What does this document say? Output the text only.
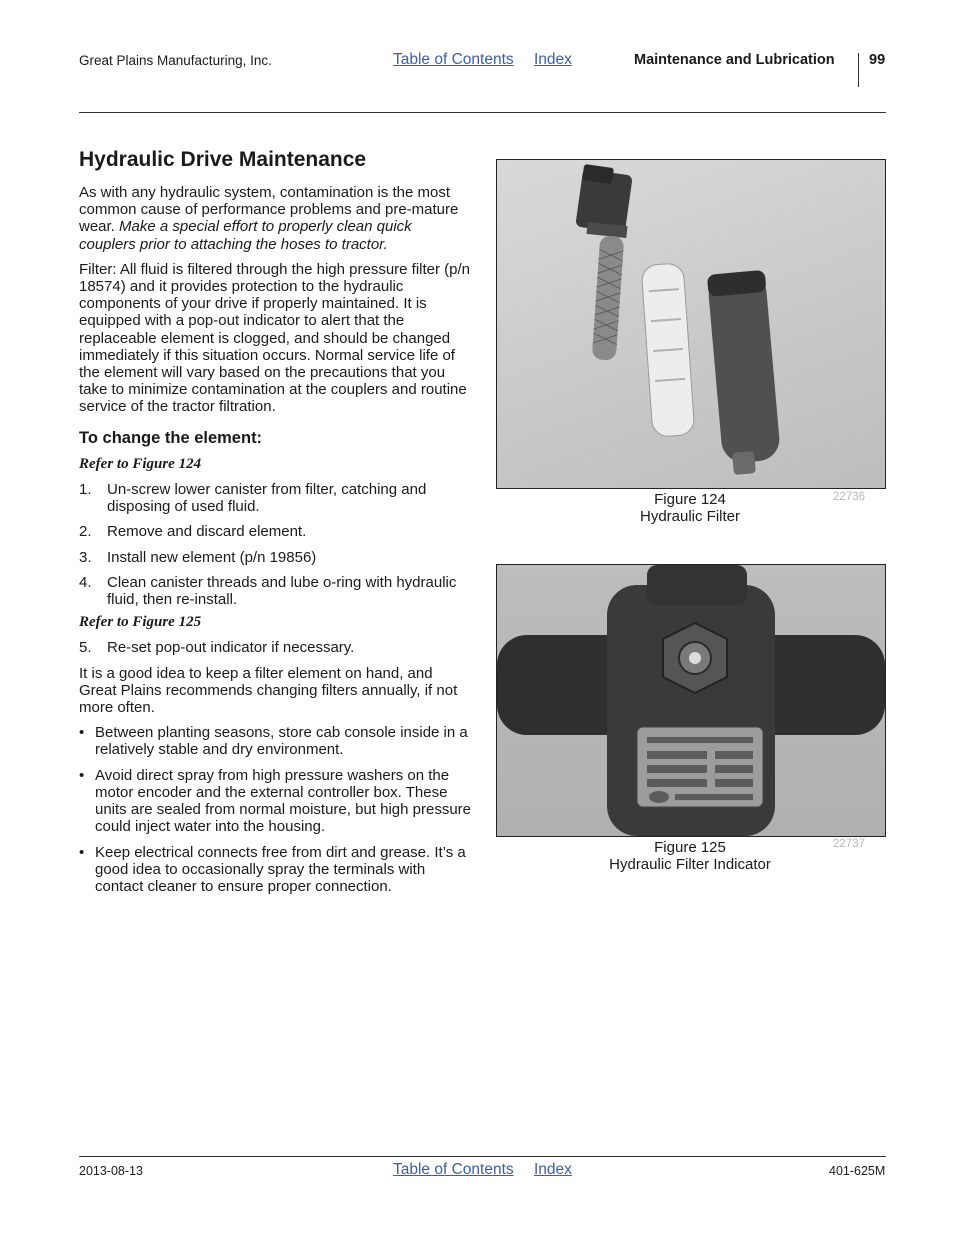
Great Plains Manufacturing, Inc.	Table of Contents Index	Maintenance and Lubrication 99
Hydraulic Drive Maintenance

As with any hydraulic system, contamination is the most common cause of performance problems and pre-mature wear. Make a special effort to properly clean quick couplers prior to attaching the hoses to tractor.

Filter: All fluid is filtered through the high pressure filter (p/n 18574) and it provides protection to the hydraulic components of your drive if properly maintained. It is equipped with a pop-out indicator to alert that the replaceable element is clogged, and should be changed immediately if this situation occurs. Normal service life of the element will vary based on the precautions that you take to minimize contamination at the couplers and routine service of the tractor filtration.

To change the element:

Refer to Figure 124

1. Un-screw lower canister from filter, catching and disposing of used fluid.
2. Remove and discard element.
3. Install new element (p/n 19856)
4. Clean canister threads and lube o-ring with hydraulic fluid, then re-install.

Refer to Figure 125

5. Re-set pop-out indicator if necessary.

It is a good idea to keep a filter element on hand, and Great Plains recommends changing filters annually, if not more often.

• Between planting seasons, store cab console inside in a relatively stable and dry environment.
• Avoid direct spray from high pressure washers on the motor encoder and the external controller box. These units are sealed from normal moisture, but high pressure could inject water into the housing.
• Keep electrical connects free from dirt and grease. It’s a good idea to occasionally spray the terminals with contact cleaner to ensure proper connection.
Figure 124
Hydraulic Filter
22736
Figure 125
Hydraulic Filter Indicator
22737
2013-08-13	Table of Contents Index	401-625M
